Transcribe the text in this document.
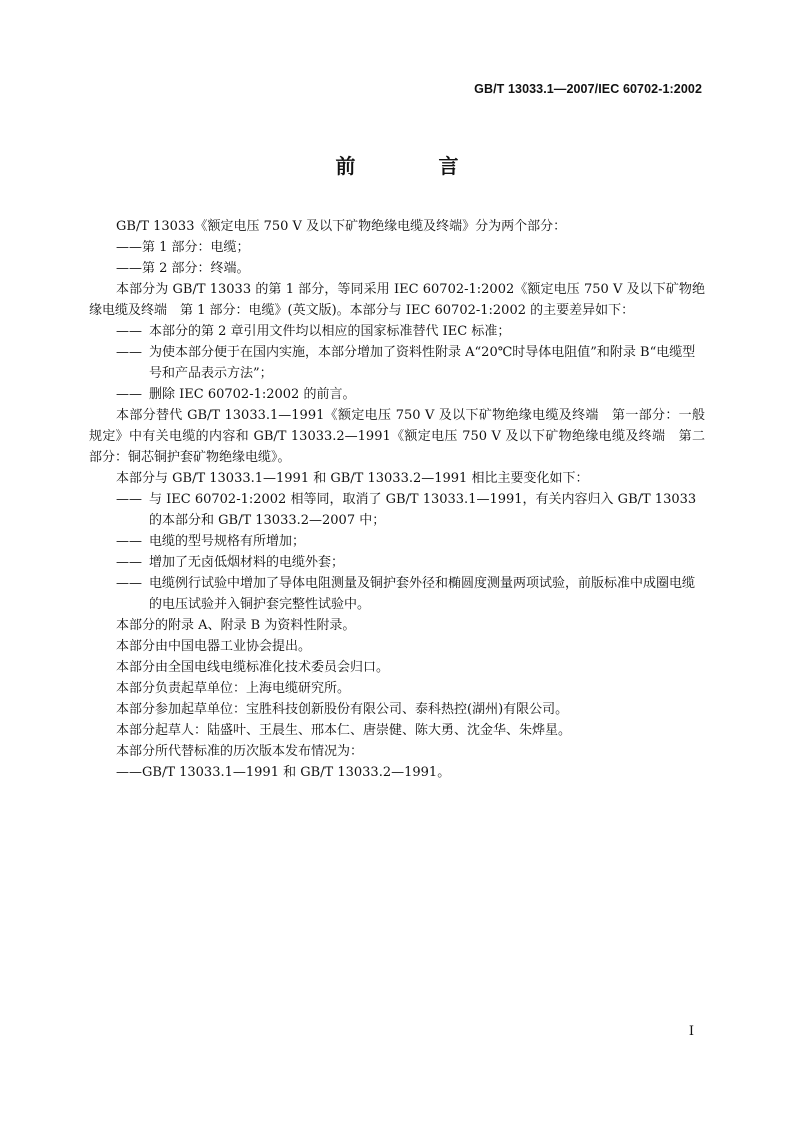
GB/T 13033.1—2007/IEC 60702-1:2002
前 言

GB/T 13033《额定电压 750 V 及以下矿物绝缘电缆及终端》分为两个部分：

——第 1 部分：电缆；

——第 2 部分：终端。

本部分为 GB/T 13033 的第 1 部分，等同采用 IEC 60702-1:2002《额定电压 750 V 及以下矿物绝缘电缆及终端　第 1 部分：电缆》(英文版)。本部分与 IEC 60702-1:2002 的主要差异如下：

—— 本部分的第 2 章引用文件均以相应的国家标准替代 IEC 标准；

—— 为使本部分便于在国内实施，本部分增加了资料性附录 A“20℃时导体电阻值”和附录 B“电缆型号和产品表示方法”；

—— 删除 IEC 60702-1:2002 的前言。

本部分替代 GB/T 13033.1—1991《额定电压 750 V 及以下矿物绝缘电缆及终端　第一部分：一般规定》中有关电缆的内容和 GB/T 13033.2—1991《额定电压 750 V 及以下矿物绝缘电缆及终端　第二部分：铜芯铜护套矿物绝缘电缆》。

本部分与 GB/T 13033.1—1991 和 GB/T 13033.2—1991 相比主要变化如下：

—— 与 IEC 60702-1:2002 相等同，取消了 GB/T 13033.1—1991，有关内容归入 GB/T 13033 的本部分和 GB/T 13033.2—2007 中；

—— 电缆的型号规格有所增加；

—— 增加了无卤低烟材料的电缆外套；

—— 电缆例行试验中增加了导体电阻测量及铜护套外径和椭圆度测量两项试验，前版标准中成圈电缆的电压试验并入铜护套完整性试验中。

本部分的附录 A、附录 B 为资料性附录。

本部分由中国电器工业协会提出。

本部分由全国电线电缆标准化技术委员会归口。

本部分负责起草单位：上海电缆研究所。

本部分参加起草单位：宝胜科技创新股份有限公司、泰科热控(湖州)有限公司。

本部分起草人：陆盛叶、王晨生、邢本仁、唐崇健、陈大勇、沈金华、朱烨星。

本部分所代替标准的历次版本发布情况为：

——GB/T 13033.1—1991 和 GB/T 13033.2—1991。

I
